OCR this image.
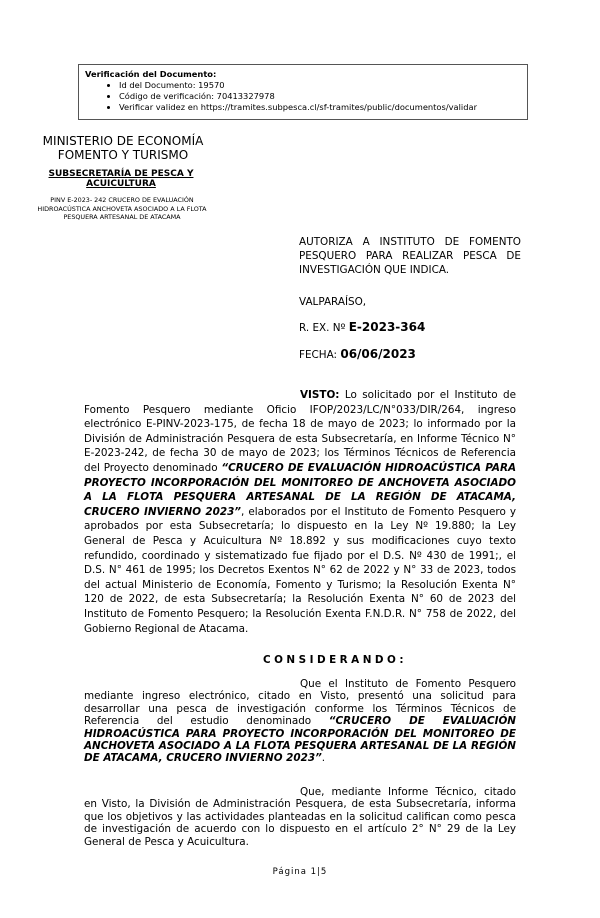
Verificación del Documento:
• Id del Documento: 19570
• Código de verificación: 70413327978
• Verificar validez en https://tramites.subpesca.cl/sf-tramites/public/documentos/validar
MINISTERIO DE ECONOMÍA
FOMENTO Y TURISMO
SUBSECRETARÍA DE PESCA Y ACUICULTURA
PINV E-2023- 242 CRUCERO DE EVALUACIÓN HIDROACÚSTICA ANCHOVETA ASOCIADO A LA FLOTA PESQUERA ARTESANAL DE ATACAMA
AUTORIZA A INSTITUTO DE FOMENTO PESQUERO PARA REALIZAR PESCA DE INVESTIGACIÓN QUE INDICA.
VALPARAÍSO,
R. EX. Nº E-2023-364
FECHA: 06/06/2023
VISTO: Lo solicitado por el Instituto de Fomento Pesquero mediante Oficio IFOP/2023/LC/N°033/DIR/264, ingreso electrónico E-PINV-2023-175, de fecha 18 de mayo de 2023; lo informado por la División de Administración Pesquera de esta Subsecretaría, en Informe Técnico N° E-2023-242, de fecha 30 de mayo de 2023; los Términos Técnicos de Referencia del Proyecto denominado “CRUCERO DE EVALUACIÓN HIDROACÚSTICA PARA PROYECTO INCORPORACIÓN DEL MONITOREO DE ANCHOVETA ASOCIADO A LA FLOTA PESQUERA ARTESANAL DE LA REGIÓN DE ATACAMA, CRUCERO INVIERNO 2023”, elaborados por el Instituto de Fomento Pesquero y aprobados por esta Subsecretaría; lo dispuesto en la Ley Nº 19.880; la Ley General de Pesca y Acuicultura Nº 18.892 y sus modificaciones cuyo texto refundido, coordinado y sistematizado fue fijado por el D.S. Nº 430 de 1991;, el D.S. N° 461 de 1995; los Decretos Exentos N° 62 de 2022 y N° 33 de 2023, todos del actual Ministerio de Economía, Fomento y Turismo; la Resolución Exenta N° 120 de 2022, de esta Subsecretaría; la Resolución Exenta N° 60 de 2023 del Instituto de Fomento Pesquero; la Resolución Exenta F.N.D.R. N° 758 de 2022, del Gobierno Regional de Atacama.
CONSIDERANDO:
Que el Instituto de Fomento Pesquero mediante ingreso electrónico, citado en Visto, presentó una solicitud para desarrollar una pesca de investigación conforme los Términos Técnicos de Referencia del estudio denominado “CRUCERO DE EVALUACIÓN HIDROACÚSTICA PARA PROYECTO INCORPORACIÓN DEL MONITOREO DE ANCHOVETA ASOCIADO A LA FLOTA PESQUERA ARTESANAL DE LA REGIÓN DE ATACAMA, CRUCERO INVIERNO 2023”.
Que, mediante Informe Técnico, citado en Visto, la División de Administración Pesquera, de esta Subsecretaría, informa que los objetivos y las actividades planteadas en la solicitud califican como pesca de investigación de acuerdo con lo dispuesto en el artículo 2° N° 29 de la Ley General de Pesca y Acuicultura.
Página 1|5
